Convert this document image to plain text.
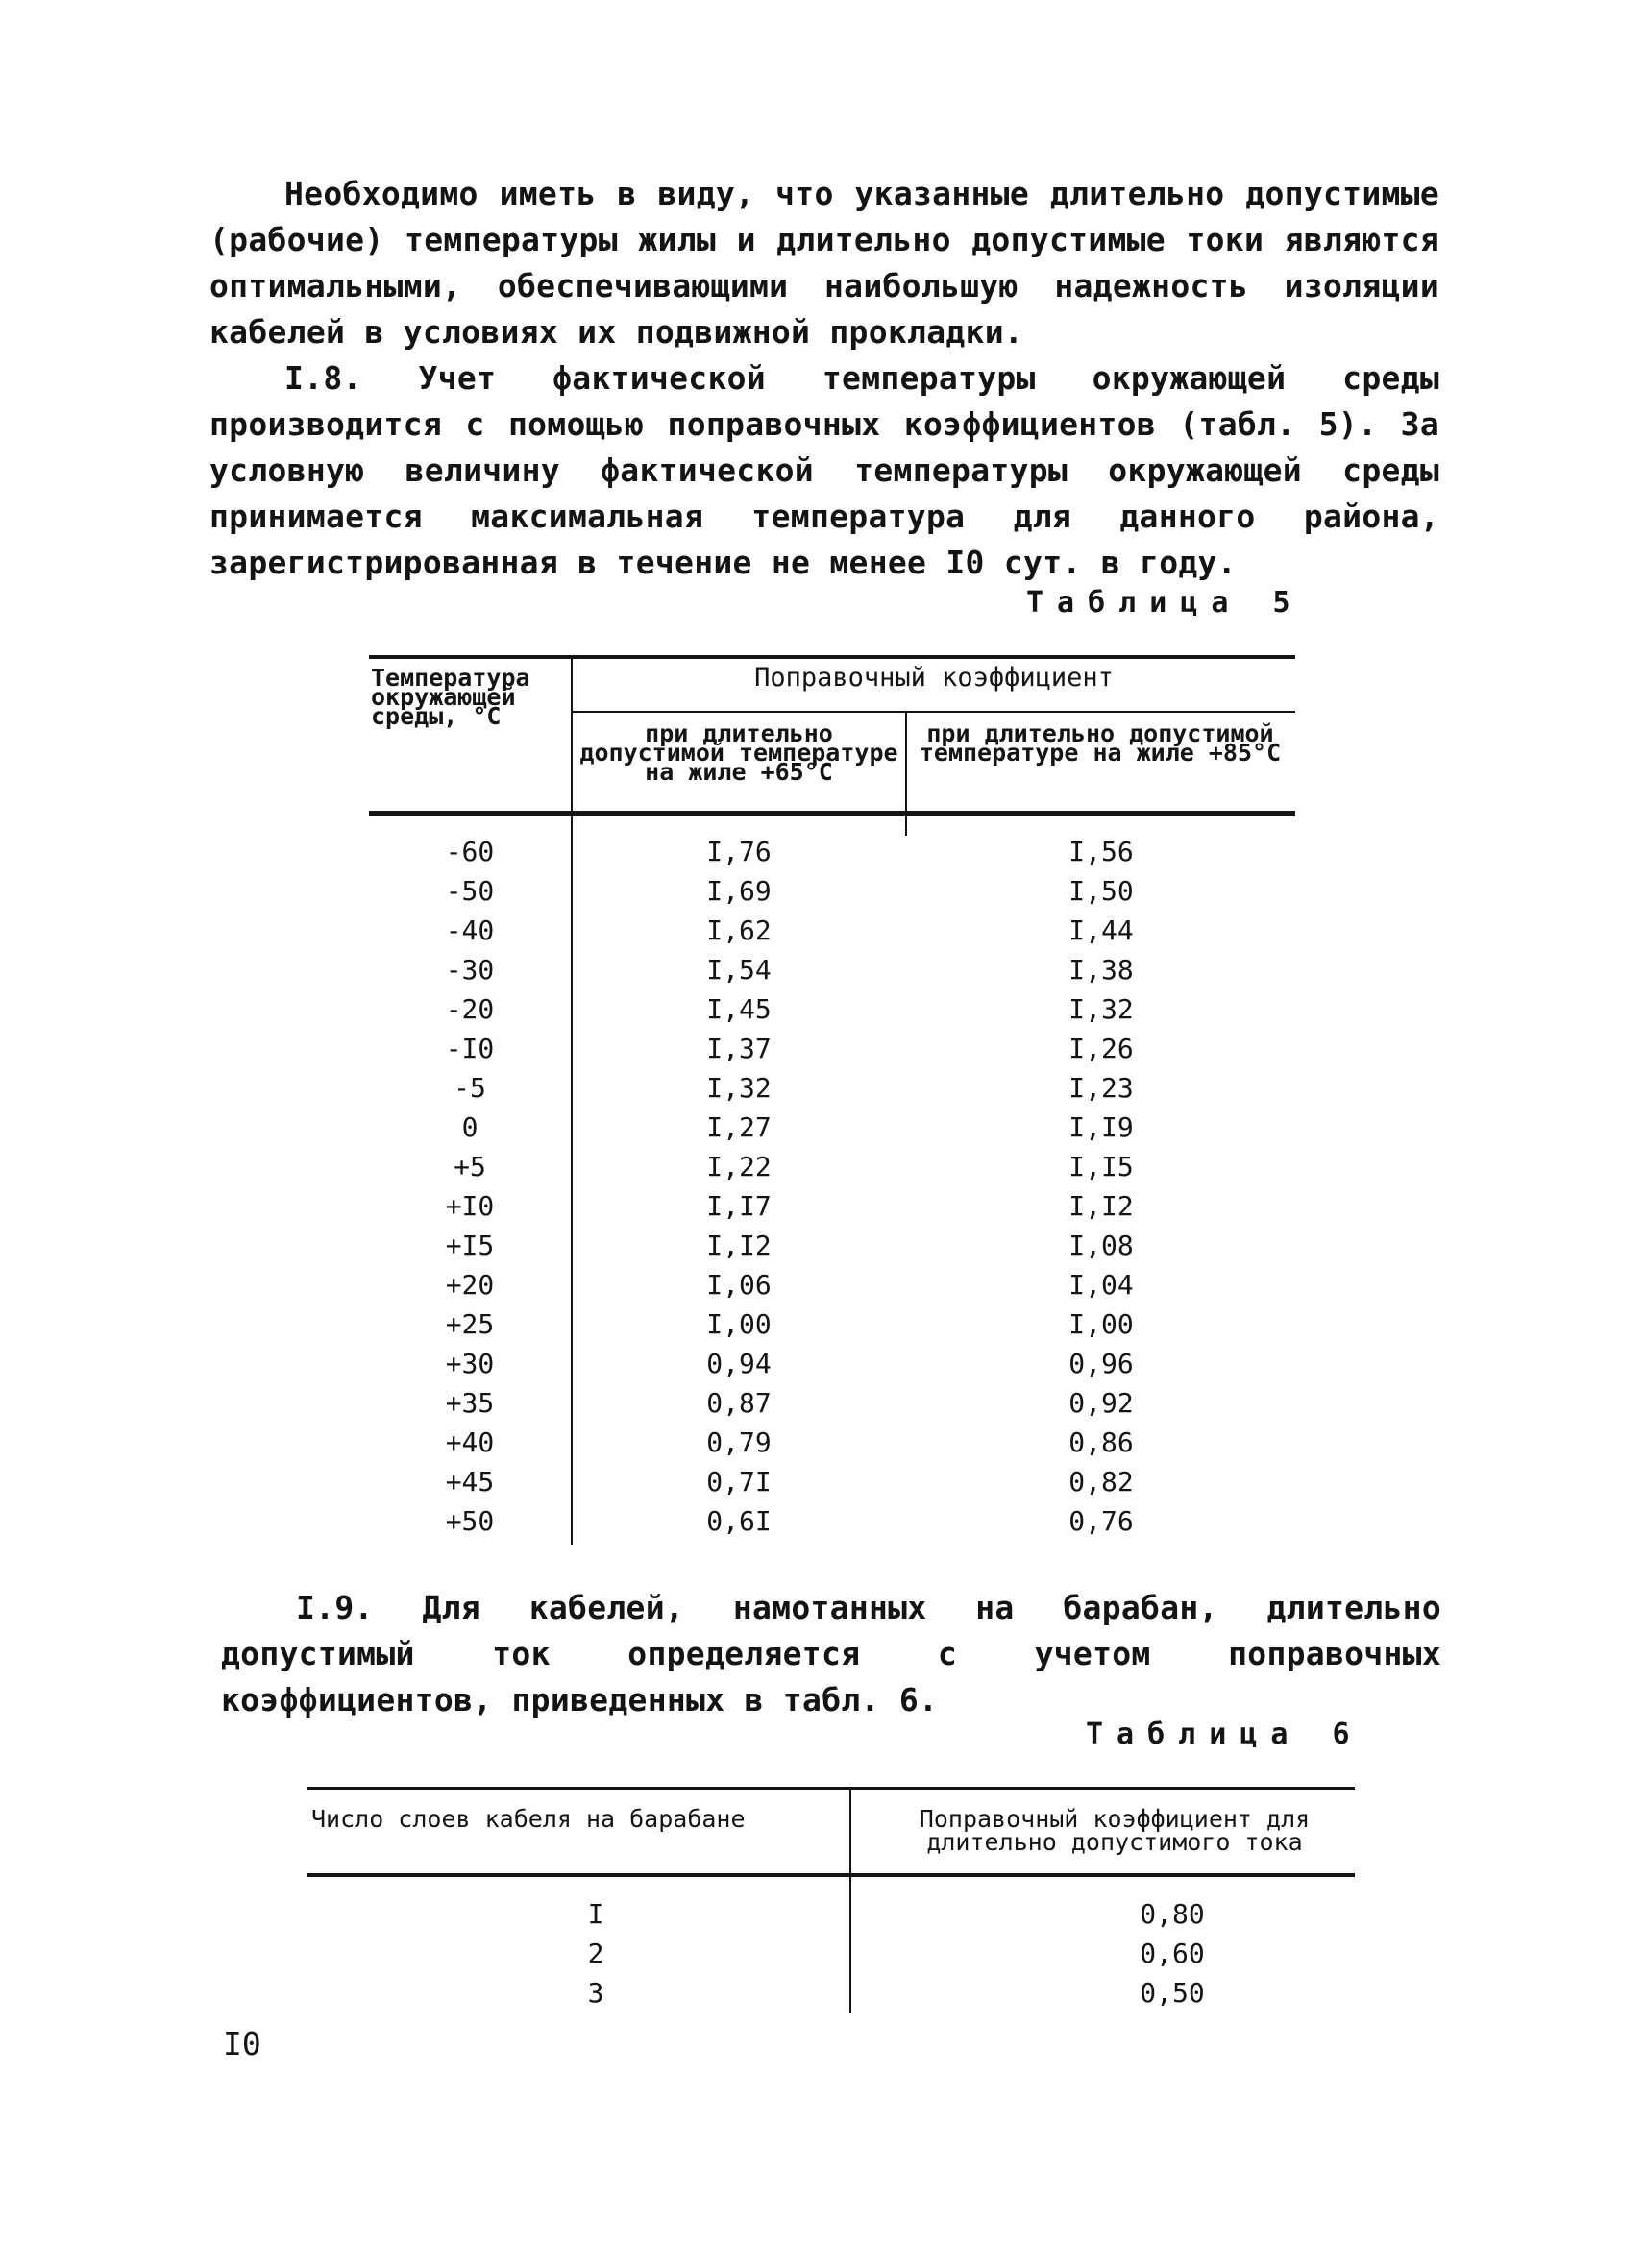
Необходимо иметь в виду, что указанные длительно допустимые (рабочие) температуры жилы и длительно допустимые токи являются оптимальными, обеспечивающими наибольшую надежность изоляции кабелей в условиях их подвижной прокладки.

I.8. Учет фактической температуры окружающей среды производится с помощью поправочных коэффициентов (табл. 5). За условную величину фактической температуры окружающей среды принимается максимальная температура для данного района, зарегистрированная в течение не менее I0 сут. в году.

Таблица 5

Температура окружающей среды, °С
Поправочный коэффициент
при длительно допустимой температуре на жиле +65°С
при длительно допустимой температуре на жиле +85°С
-60	I,76	I,56
-50	I,69	I,50
-40	I,62	I,44
-30	I,54	I,38
-20	I,45	I,32
-I0	I,37	I,26
-5	I,32	I,23
0	I,27	I,I9
+5	I,22	I,I5
+I0	I,I7	I,I2
+I5	I,I2	I,08
+20	I,06	I,04
+25	I,00	I,00
+30	0,94	0,96
+35	0,87	0,92
+40	0,79	0,86
+45	0,7I	0,82
+50	0,6I	0,76

I.9. Для кабелей, намотанных на барабан, длительно допустимый ток определяется с учетом поправочных коэффициентов, приведенных в табл. 6.

Таблица 6

Число слоев кабеля на барабане	Поправочный коэффициент для длительно допустимого тока
I	0,80
2	0,60
3	0,50

I0
